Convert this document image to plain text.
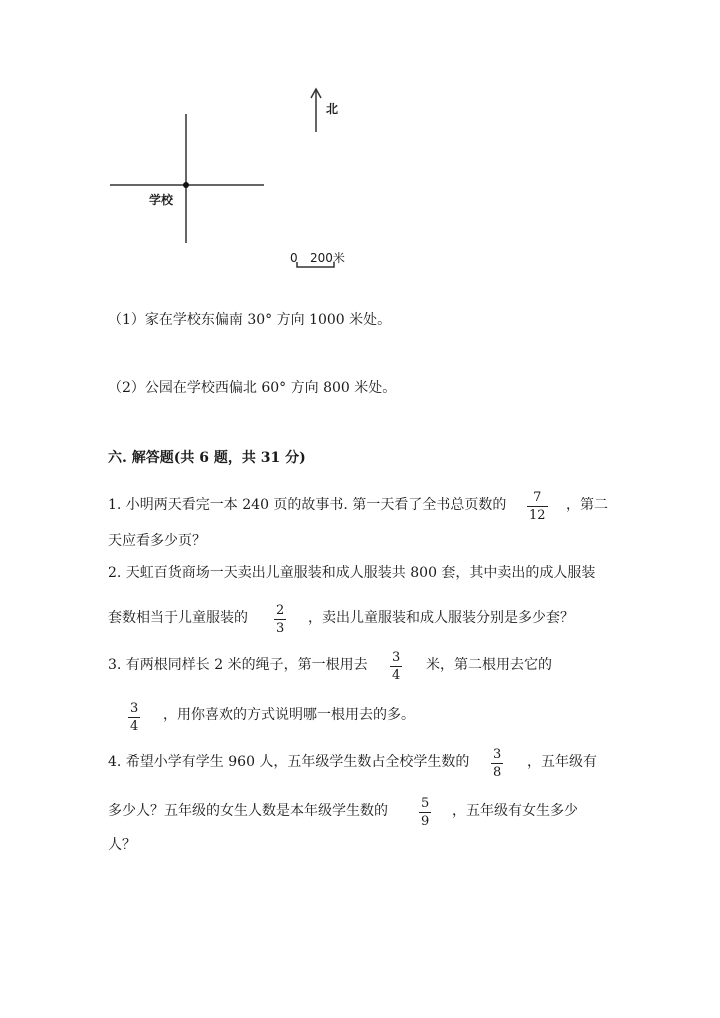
北
学校
0 200米
（1）家在学校东偏南 30° 方向 1000 米处。
（2）公园在学校西偏北 60° 方向 800 米处。
六. 解答题(共 6 题，共 31 分)
1. 小明两天看完一本 240 页的故事书. 第一天看了全书总页数的 7
12
，第二
天应看多少页？
2. 天虹百货商场一天卖出儿童服装和成人服装共 800 套，其中卖出的成人服装
套数相当于儿童服装的 2
3
，卖出儿童服装和成人服装分别是多少套？
3. 有两根同样长 2 米的绳子，第一根用去 3
4
米，第二根用去它的
3
4
，用你喜欢的方式说明哪一根用去的多。
4. 希望小学有学生 960 人，五年级学生数占全校学生数的 3
8
，五年级有
多少人？五年级的女生人数是本年级学生数的	5
9
，五年级有女生多少
人？
